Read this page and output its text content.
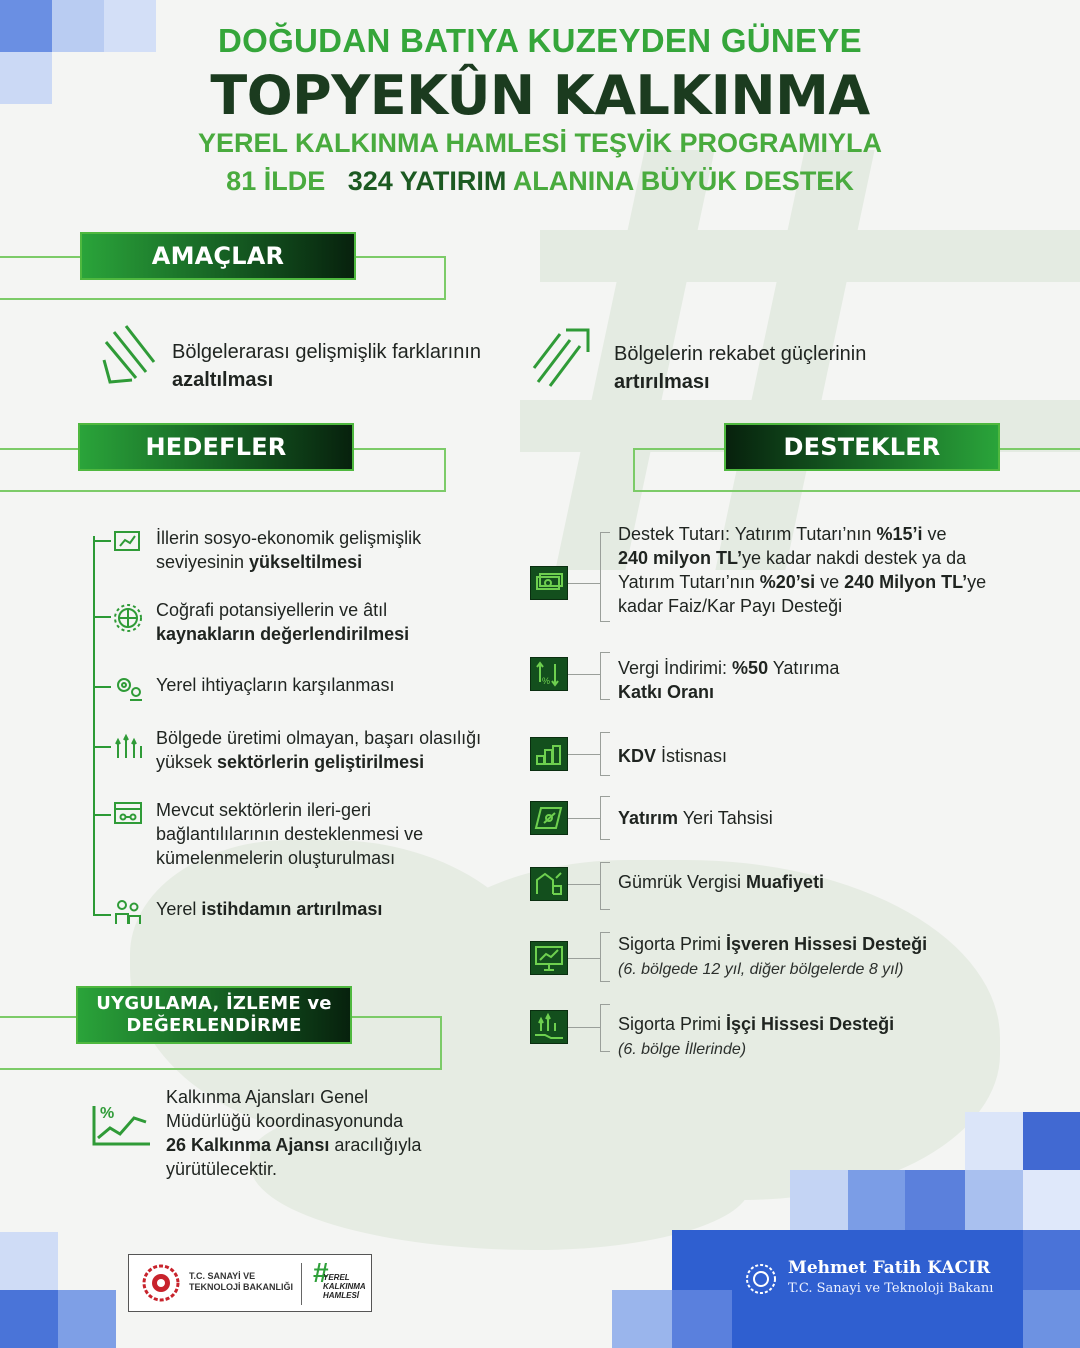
DOĞUDAN BATIYA KUZEYDEN GÜNEYE
TOPYEKÛN KALKINMA
YEREL KALKINMA HAMLESİ TEŞVİK PROGRAMIYLA
81 İLDE 324 YATIRIM ALANINA BÜYÜK DESTEK
AMAÇLAR
Bölgelerarası gelişmişlik farklarının
azaltılması
Bölgelerin rekabet güçlerinin
artırılması
HEDEFLER
İllerin sosyo-ekonomik gelişmişlik
seviyesinin yükseltilmesi
Coğrafi potansiyellerin ve âtıl
kaynakların değerlendirilmesi
Yerel ihtiyaçların karşılanması
Bölgede üretimi olmayan, başarı olasılığı
yüksek sektörlerin geliştirilmesi
Mevcut sektörlerin ileri-geri
bağlantılılarının desteklenmesi ve
kümelenmelerin oluşturulması
Yerel istihdamın artırılması
DESTEKLER
Destek Tutarı: Yatırım Tutarı’nın %15’i ve
240 milyon TL’ye kadar nakdi destek ya da
Yatırım Tutarı’nın %20’si ve 240 Milyon TL’ye
kadar Faiz/Kar Payı Desteği
%
Vergi İndirimi: %50 Yatırıma
Katkı Oranı
KDV İstisnası
Yatırım Yeri Tahsisi
Gümrük Vergisi Muafiyeti
Sigorta Primi İşveren Hissesi Desteği
(6. bölgede 12 yıl, diğer bölgelerde 8 yıl)
Sigorta Primi İşçi Hissesi Desteği
(6. bölge İllerinde)
UYGULAMA, İZLEME ve
DEĞERLENDİRME
%
Kalkınma Ajansları Genel
Müdürlüğü koordinasyonunda
26 Kalkınma Ajansı aracılığıyla
yürütülecektir.
T.C. SANAYİ VE
TEKNOLOJİ BAKANLIĞI #
YEREL
KALKINMA
HAMLESİ
Mehmet Fatih KACIR
T.C. Sanayi ve Teknoloji Bakanı
